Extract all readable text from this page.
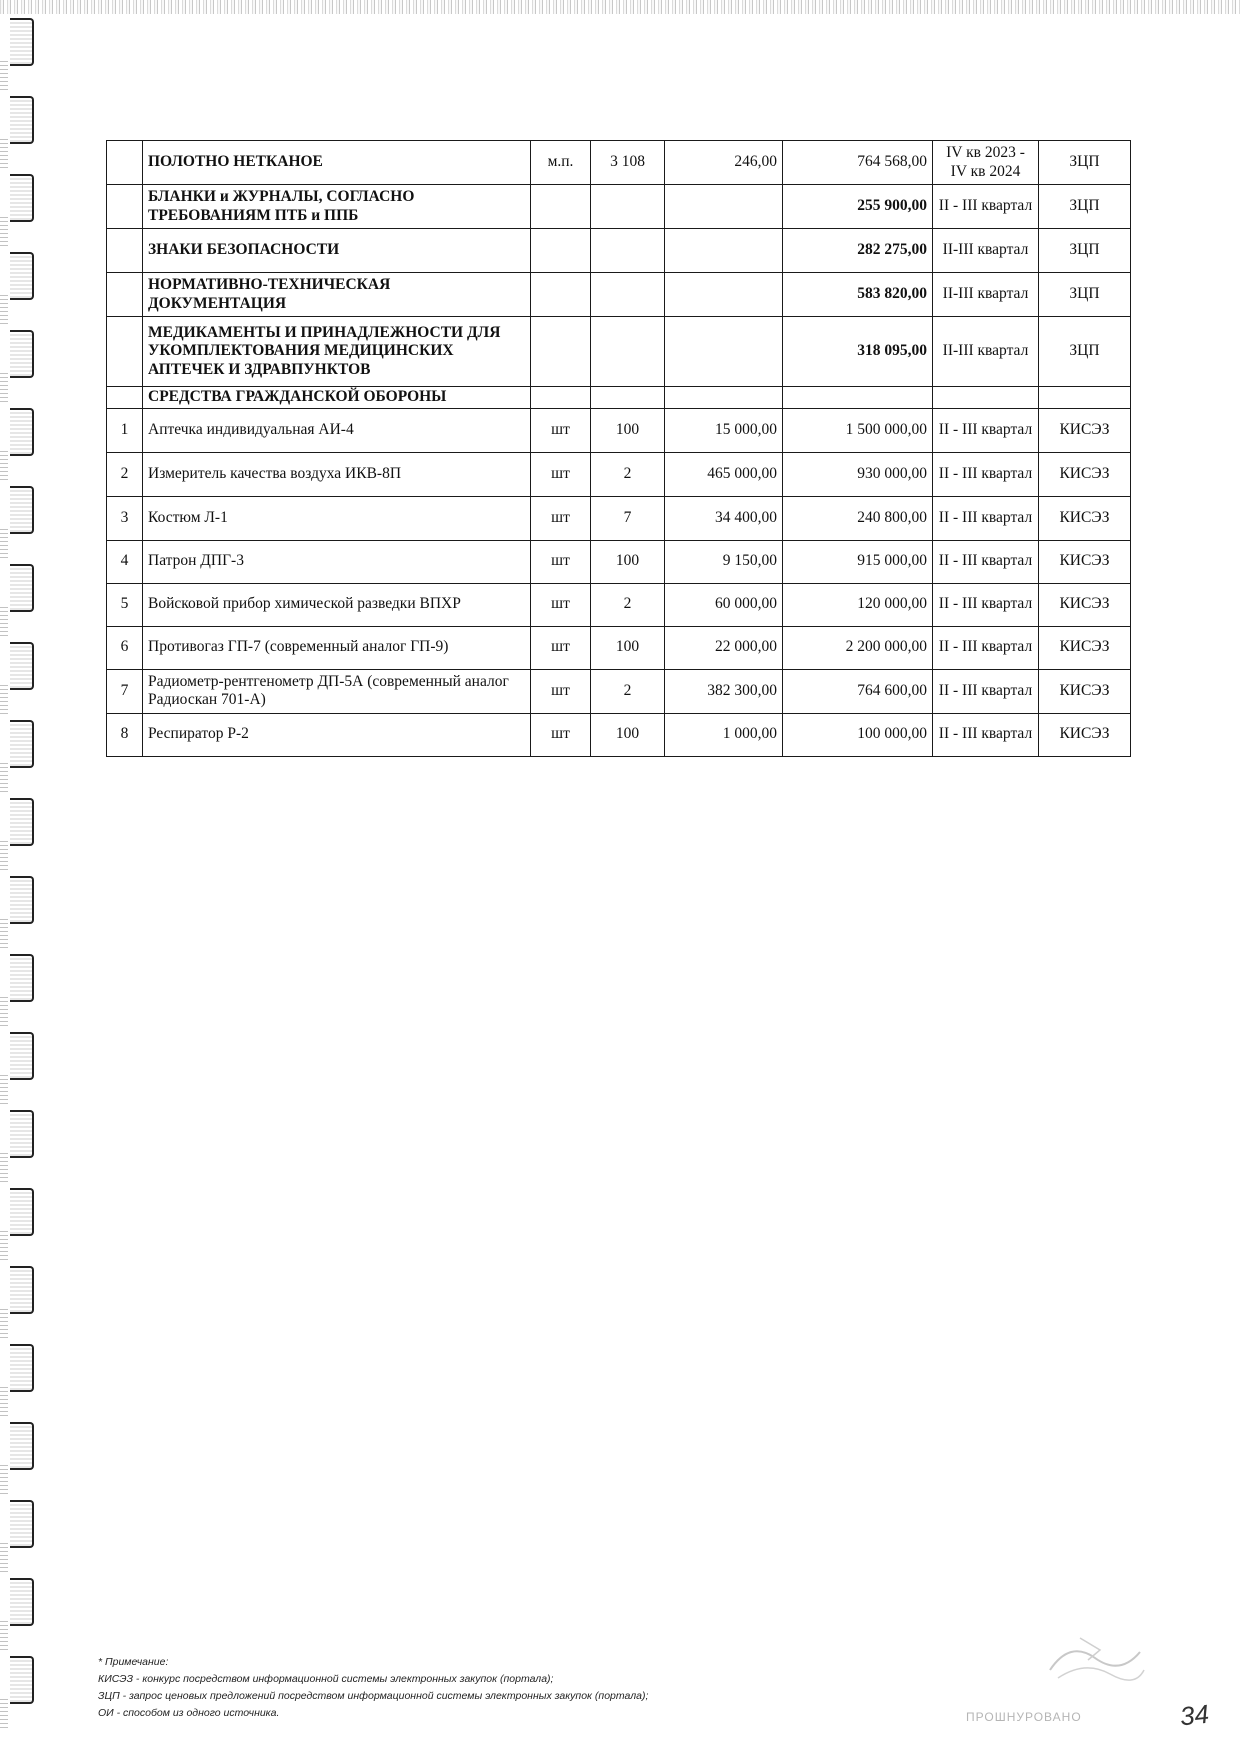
	ПОЛОТНО НЕТКАНОЕ	м.п.	3 108	246,00	764 568,00	IV кв 2023 - IV кв 2024	ЗЦП
	БЛАНКИ и ЖУРНАЛЫ, СОГЛАСНО ТРЕБОВАНИЯМ ПТБ и ППБ				255 900,00	II - III квартал	ЗЦП
	ЗНАКИ БЕЗОПАСНОСТИ				282 275,00	II-III квартал	ЗЦП
	НОРМАТИВНО-ТЕХНИЧЕСКАЯ ДОКУМЕНТАЦИЯ				583 820,00	II-III квартал	ЗЦП
	МЕДИКАМЕНТЫ И ПРИНАДЛЕЖНОСТИ ДЛЯ УКОМПЛЕКТОВАНИЯ МЕДИЦИНСКИХ АПТЕЧЕК И ЗДРАВПУНКТОВ				318 095,00	II-III квартал	ЗЦП
	СРЕДСТВА ГРАЖДАНСКОЙ ОБОРОНЫ						
1	Аптечка индивидуальная АИ-4	шт	100	15 000,00	1 500 000,00	II - III квартал	КИСЭЗ
2	Измеритель качества воздуха ИКВ-8П	шт	2	465 000,00	930 000,00	II - III квартал	КИСЭЗ
3	Костюм Л-1	шт	7	34 400,00	240 800,00	II - III квартал	КИСЭЗ
4	Патрон ДПГ-3	шт	100	9 150,00	915 000,00	II - III квартал	КИСЭЗ
5	Войсковой прибор химической разведки ВПХР	шт	2	60 000,00	120 000,00	II - III квартал	КИСЭЗ
6	Противогаз ГП-7 (современный аналог ГП-9)	шт	100	22 000,00	2 200 000,00	II - III квартал	КИСЭЗ
7	Радиометр-рентгенометр ДП-5А (современный аналог Радиоскан 701-А)	шт	2	382 300,00	764 600,00	II - III квартал	КИСЭЗ
8	Респиратор Р-2	шт	100	1 000,00	100 000,00	II - III квартал	КИСЭЗ
* Примечание:
КИСЭЗ - конкурс посредством информационной системы электронных закупок (портала);
ЗЦП - запрос ценовых предложений посредством информационной системы электронных закупок (портала);
ОИ - способом из одного источника.	ПРОШНУРОВАНО	34
